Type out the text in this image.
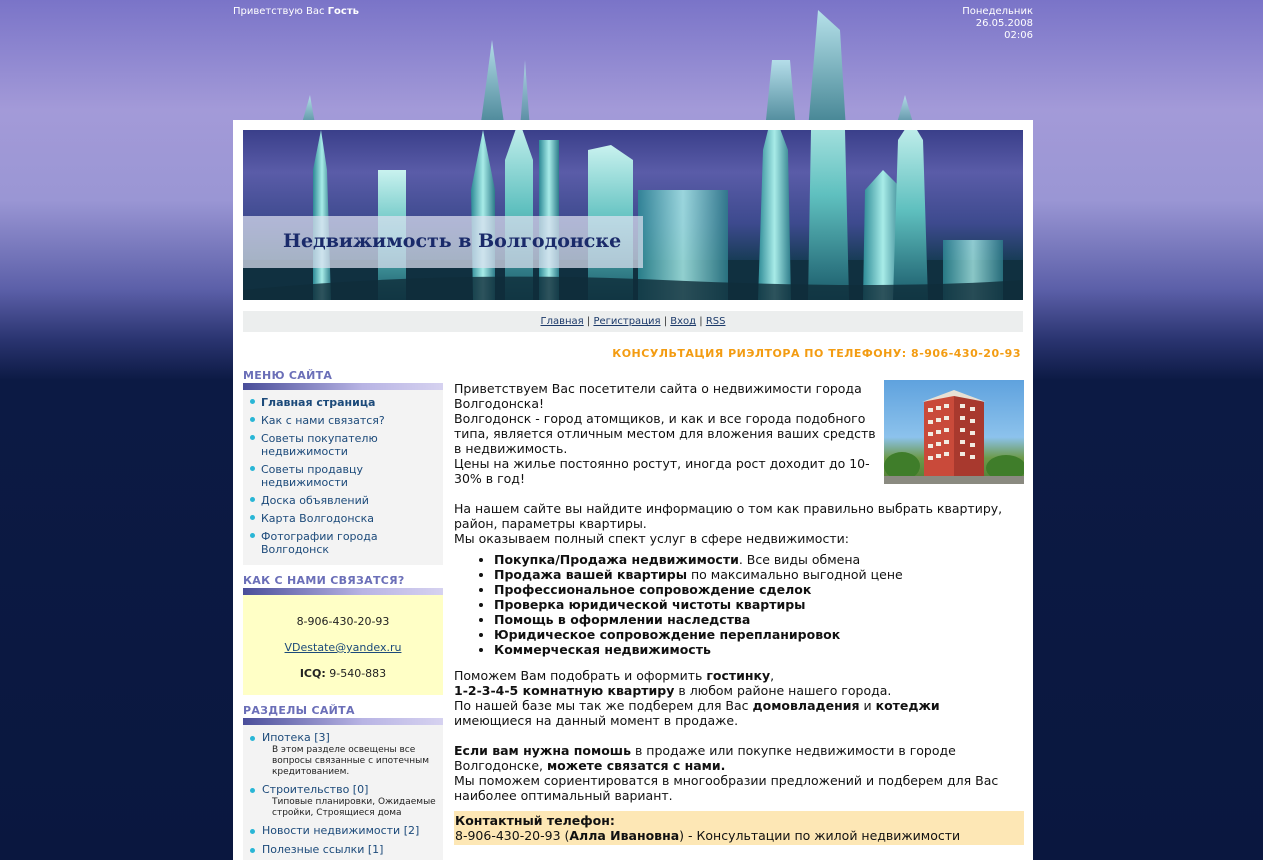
Приветствую Вас Гость	Понедельник
26.05.2008
02:06
Недвижимость в Волгодонске
Главная | Регистрация | Вход | RSS
КОНСУЛЬТАЦИЯ РИЭЛТОРА ПО ТЕЛЕФОНУ: 8-906-430-20-93
МЕНЮ САЙТА
Главная страница
Как с нами связатся?
Советы покупателю недвижимости
Советы продавцу недвижимости
Доска объявлений
Карта Волгодонска
Фотографии города Волгодонск
КАК С НАМИ СВЯЗАТСЯ?
8-906-430-20-93
VDestate@yandex.ru
ICQ: 9-540-883
РАЗДЕЛЫ САЙТА
Ипотека [3]
В этом разделе освещены все вопросы связанные с ипотечным кредитованием.
Строительство [0]
Типовые планировки, Ожидаемые стройки, Строящиеся дома
Новости недвижимости [2]
Полезные ссылки [1]

Приветствуем Вас посетители сайта о недвижимости города Волгодонска!

Волгодонск - город атомщиков, и как и все города подобного типа, является отличным местом для вложения ваших средств в недвижимость.

Цены на жилье постоянно ростут, иногда рост доходит до 10-30% в год!

На нашем сайте вы найдите информацию о том как правильно выбрать квартиру, район, параметры квартиры.

Мы оказываем полный спект услуг в сфере недвижимости:

• Покупка/Продажа недвижимости. Все виды обмена
• Продажа вашей квартиры по максимально выгодной цене
• Профессиональное сопровождение сделок
• Проверка юридической чистоты квартиры
• Помощь в оформлении наследства
• Юридическое сопровождение перепланировок
• Коммерческая недвижимость

Поможем Вам подобрать и оформить гостинку,
1-2-3-4-5 комнатную квартиру в любом районе нашего города.
По нашей базе мы так же подберем для Вас домовладения и котеджи
имеющиеся на данный момент в продаже.

Если вам нужна помошь в продаже или покупке недвижимости в городе Волгодонске, можете связатся с нами.
Мы поможем сориентироватся в многообразии предложений и подберем для Вас наиболее оптимальный вариант.

Контактный телефон:
8-906-430-20-93 (Алла Ивановна) - Консультации по жилой недвижимости
